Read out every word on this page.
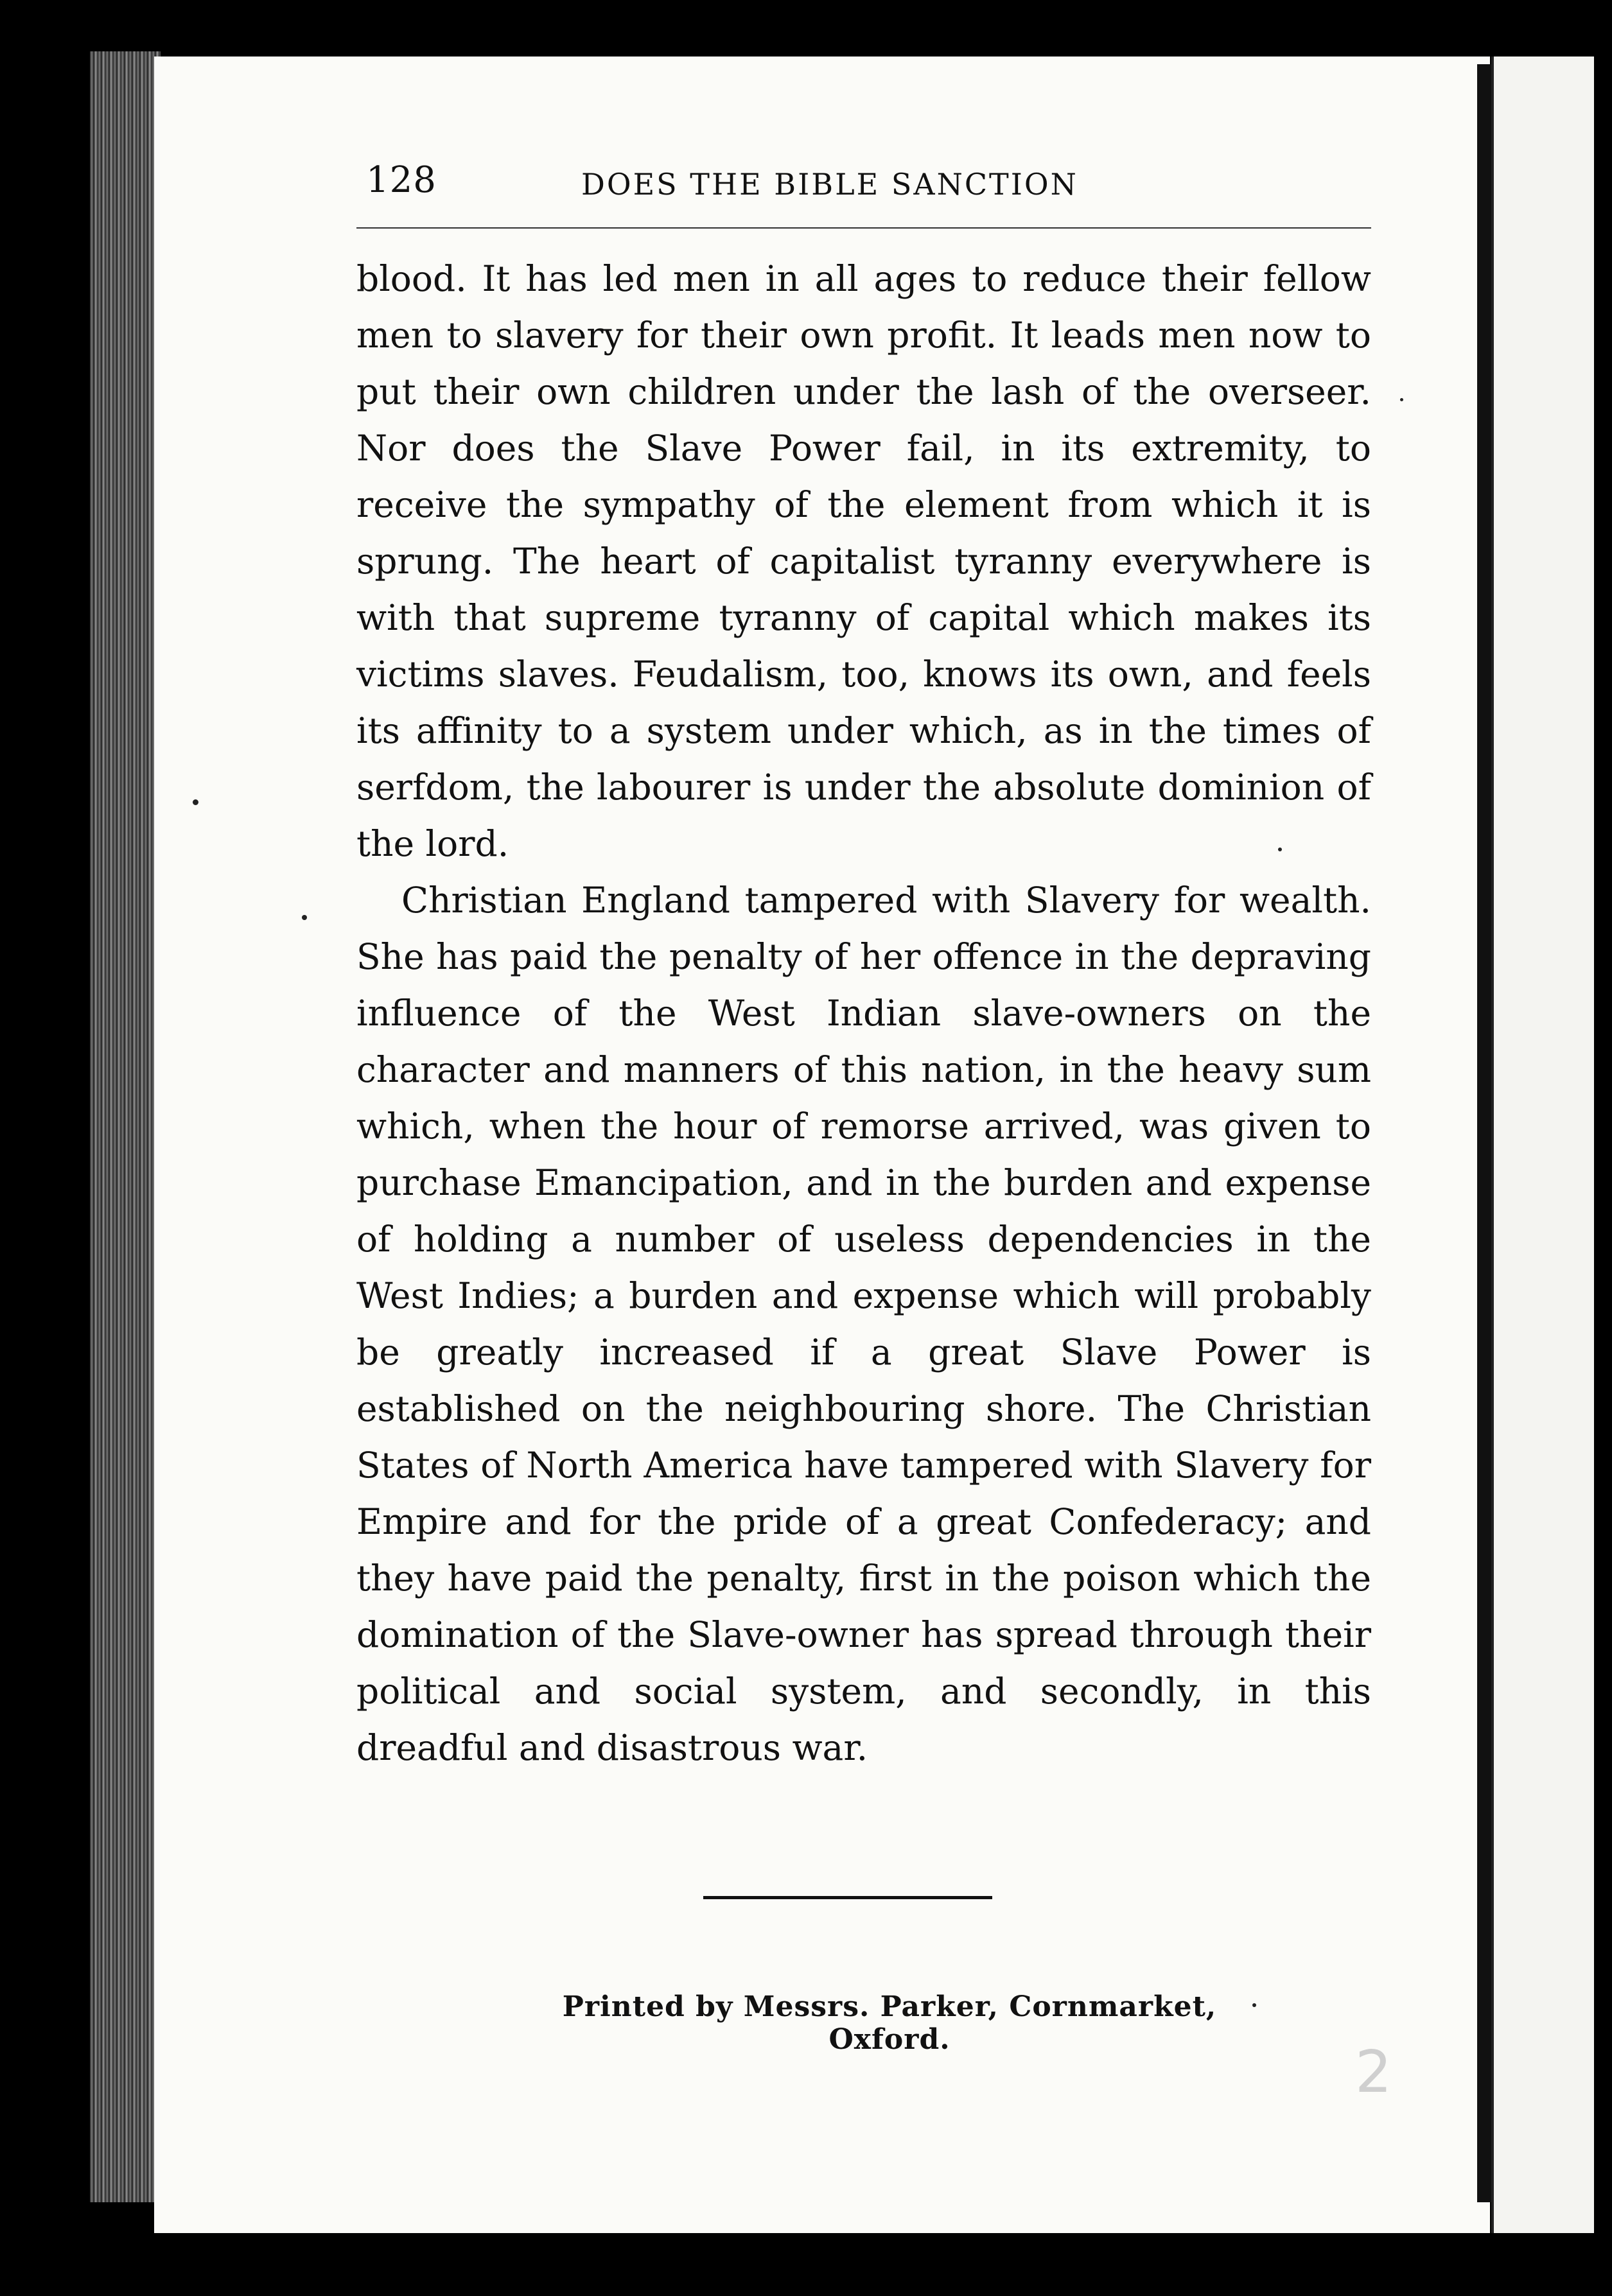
128	DOES THE BIBLE SANCTION

blood. It has led men in all ages to reduce their fellow men to slavery for their own profit. It leads men now to put their own children under the lash of the overseer. Nor does the Slave Power fail, in its extremity, to receive the sympathy of the element from which it is sprung. The heart of capitalist tyranny everywhere is with that supreme tyranny of capital which makes its victims slaves. Feudalism, too, knows its own, and feels its affinity to a system under which, as in the times of serfdom, the labourer is under the absolute dominion of the lord.

Christian England tampered with Slavery for wealth. She has paid the penalty of her offence in the depraving influence of the West Indian slave-owners on the character and manners of this nation, in the heavy sum which, when the hour of remorse arrived, was given to purchase Emancipation, and in the burden and expense of holding a number of useless dependencies in the West Indies; a burden and expense which will probably be greatly increased if a great Slave Power is established on the neighbouring shore. The Christian States of North America have tampered with Slavery for Empire and for the pride of a great Confederacy; and they have paid the penalty, first in the poison which the domination of the Slave-owner has spread through their political and social system, and secondly, in this dreadful and disastrous war.

Printed by Messrs. Parker, Cornmarket, Oxford.	2
